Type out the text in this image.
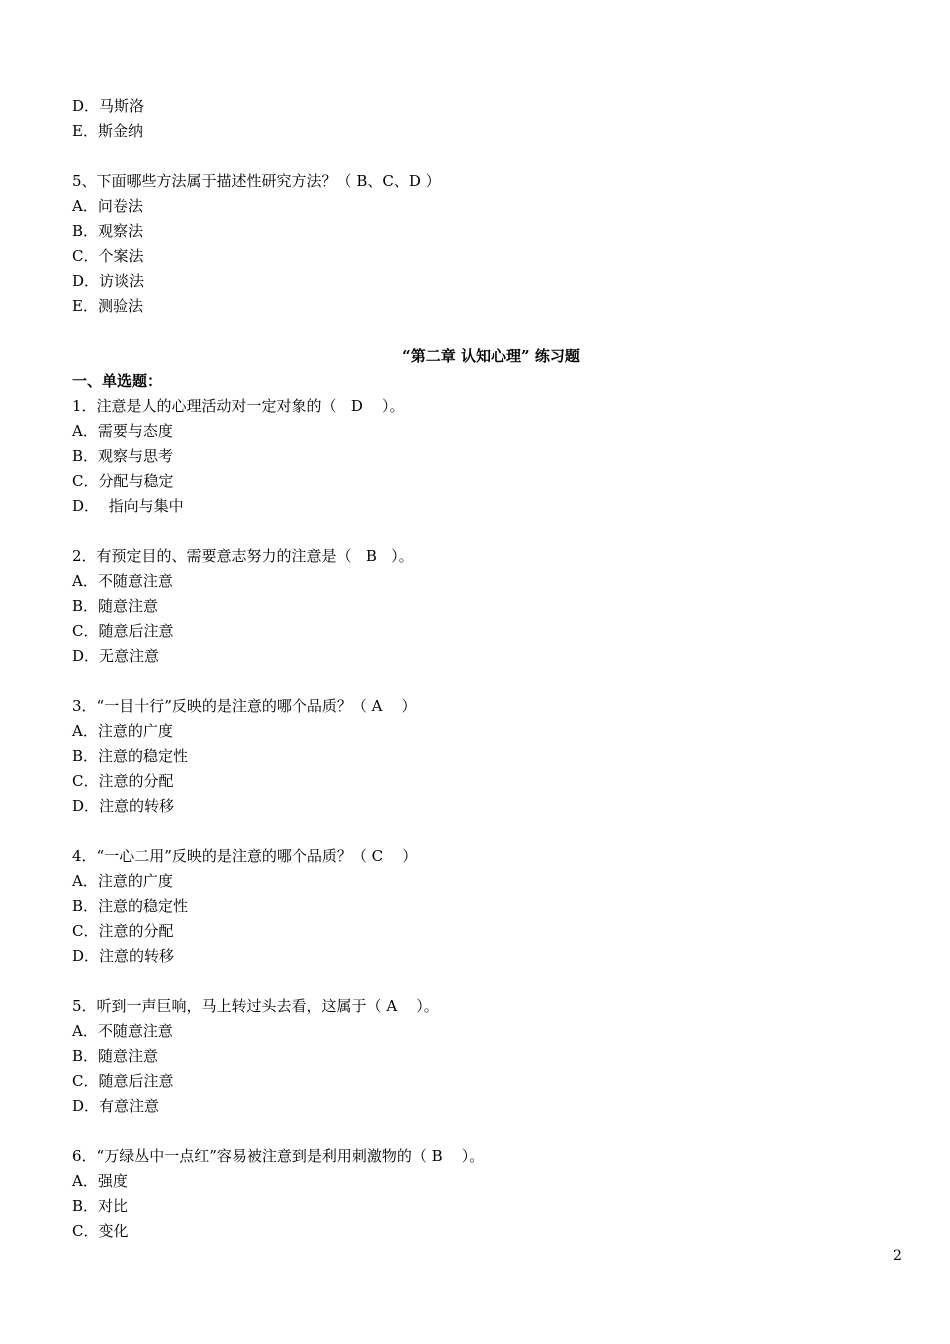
D．马斯洛
E．斯金纳
5、下面哪些方法属于描述性研究方法？（ B、C、D ）
A．问卷法
B．观察法
C．个案法
D．访谈法
E．测验法
“第二章 认知心理” 练习题
一、单选题：
1．注意是人的心理活动对一定对象的（   D    ）。
A．需要与态度
B．观察与思考
C．分配与稳定
D．  指向与集中
2．有预定目的、需要意志努力的注意是（   B   ）。
A．不随意注意
B．随意注意
C．随意后注意
D．无意注意
3．“一目十行”反映的是注意的哪个品质？（ A    ）
A．注意的广度
B．注意的稳定性
C．注意的分配
D．注意的转移
4．“一心二用”反映的是注意的哪个品质？（ C    ）
A．注意的广度
B．注意的稳定性
C．注意的分配
D．注意的转移
5．听到一声巨响，马上转过头去看，这属于（ A    ）。
A．不随意注意
B．随意注意
C．随意后注意
D．有意注意
6．“万绿丛中一点红”容易被注意到是利用刺激物的（ B    ）。
A．强度
B．对比
C．变化
2
